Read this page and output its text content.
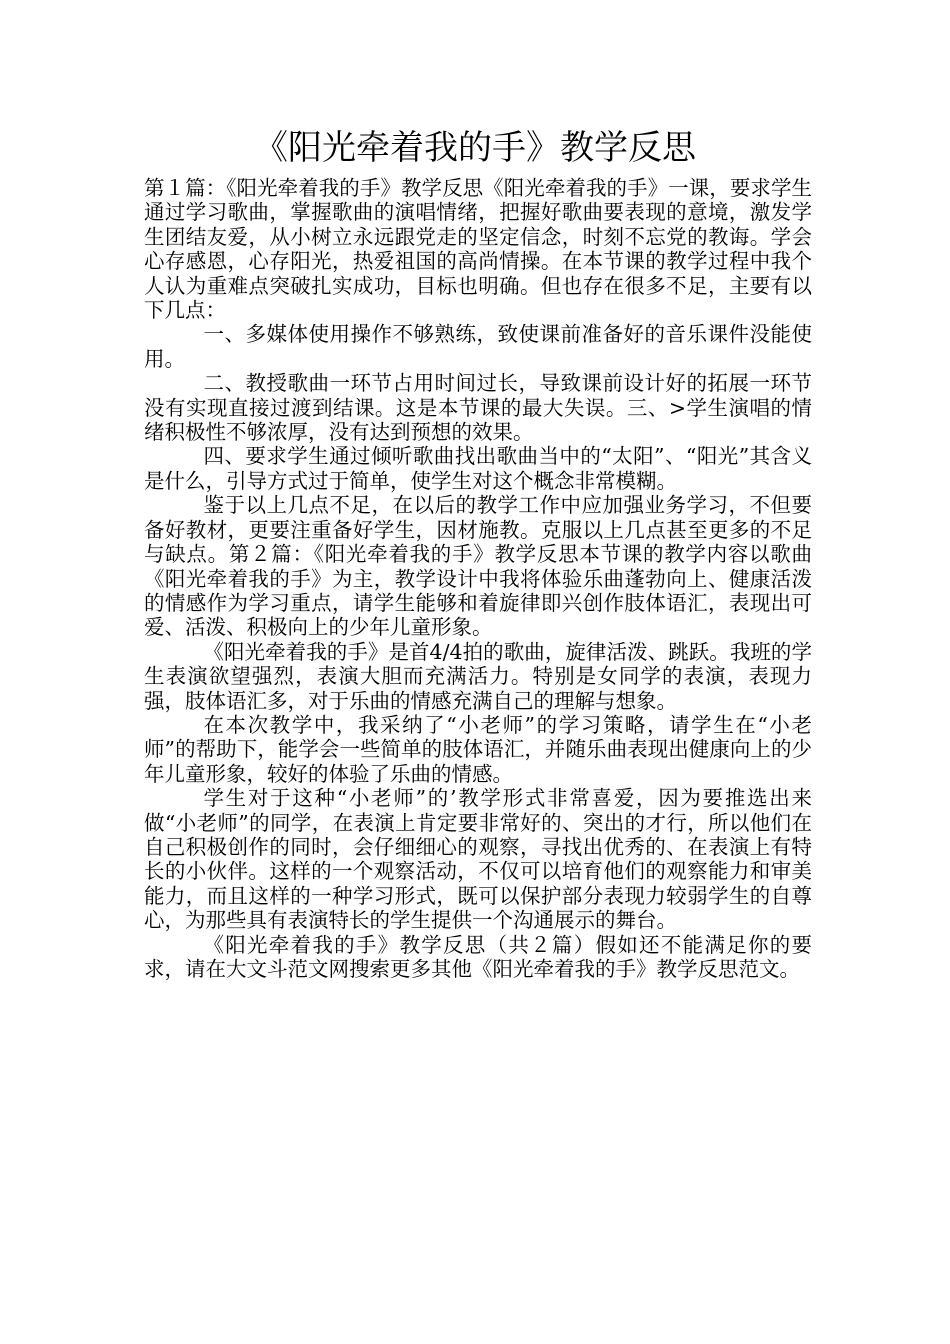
《阳光牵着我的手》教学反思

第１篇：《阳光牵着我的手》教学反思《阳光牵着我的手》一课，要求学生通过学习歌曲，掌握歌曲的演唱情绪，把握好歌曲要表现的意境，激发学生团结友爱，从小树立永远跟党走的坚定信念，时刻不忘党的教诲。学会心存感恩，心存阳光，热爱祖国的高尚情操。在本节课的教学过程中我个人认为重难点突破扎实成功，目标也明确。但也存在很多不足，主要有以下几点：

一、多媒体使用操作不够熟练，致使课前准备好的音乐课件没能使用。

二、教授歌曲一环节占用时间过长，导致课前设计好的拓展一环节没有实现直接过渡到结课。这是本节课的最大失误。三、>学生演唱的情绪积极性不够浓厚，没有达到预想的效果。

四、要求学生通过倾听歌曲找出歌曲当中的“太阳”、“阳光”其含义是什么，引导方式过于简单，使学生对这个概念非常模糊。

鉴于以上几点不足，在以后的教学工作中应加强业务学习，不但要备好教材，更要注重备好学生，因材施教。克服以上几点甚至更多的不足与缺点。第２篇：《阳光牵着我的手》教学反思本节课的教学内容以歌曲《阳光牵着我的手》为主，教学设计中我将体验乐曲蓬勃向上、健康活泼的情感作为学习重点，请学生能够和着旋律即兴创作肢体语汇，表现出可爱、活泼、积极向上的少年儿童形象。

《阳光牵着我的手》是首4/4拍的歌曲，旋律活泼、跳跃。我班的学生表演欲望强烈，表演大胆而充满活力。特别是女同学的表演，表现力强，肢体语汇多，对于乐曲的情感充满自己的理解与想象。

在本次教学中，我采纳了“小老师”的学习策略，请学生在“小老师”的帮助下，能学会一些简单的肢体语汇，并随乐曲表现出健康向上的少年儿童形象，较好的体验了乐曲的情感。

学生对于这种“小老师”的’教学形式非常喜爱，因为要推选出来做“小老师”的同学，在表演上肯定要非常好的、突出的才行，所以他们在自己积极创作的同时，会仔细细心的观察，寻找出优秀的、在表演上有特长的小伙伴。这样的一个观察活动，不仅可以培育他们的观察能力和审美能力，而且这样的一种学习形式，既可以保护部分表现力较弱学生的自尊心，为那些具有表演特长的学生提供一个沟通展示的舞台。

《阳光牵着我的手》教学反思（共２篇）假如还不能满足你的要求，请在大文斗范文网搜索更多其他《阳光牵着我的手》教学反思范文。
